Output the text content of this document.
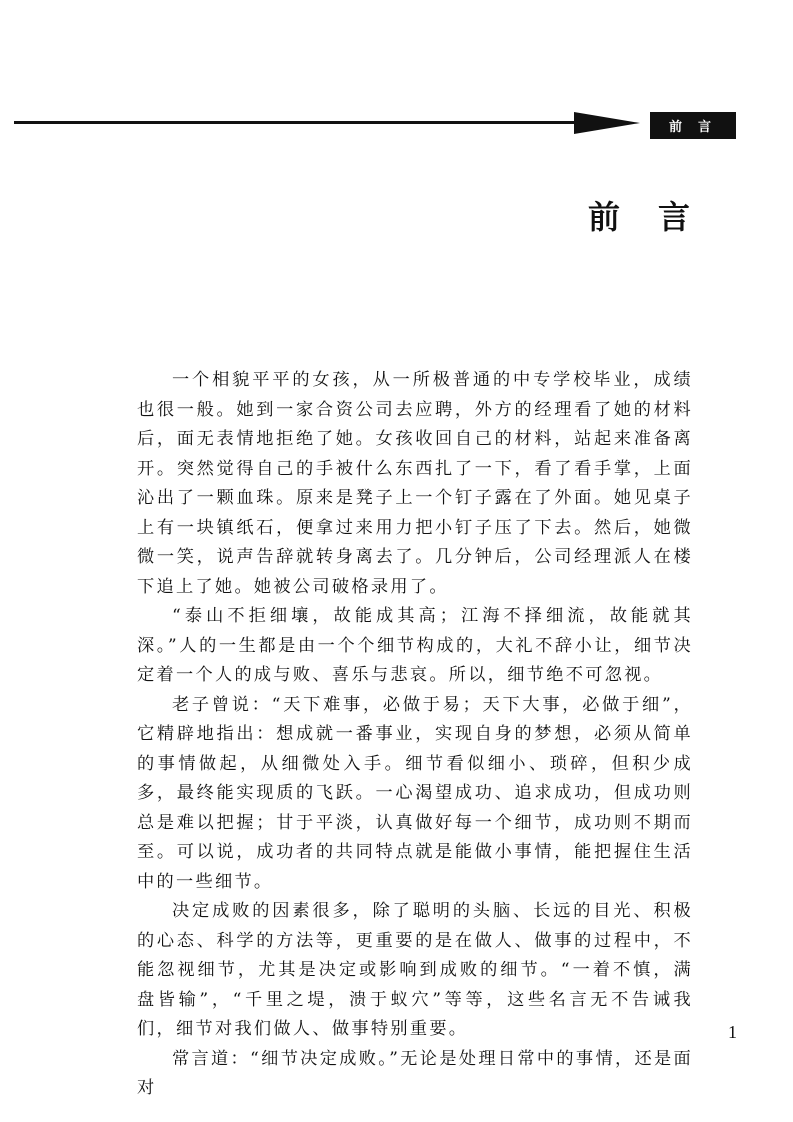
前言
前言

一个相貌平平的女孩，从一所极普通的中专学校毕业，成绩也很一般。她到一家合资公司去应聘，外方的经理看了她的材料后，面无表情地拒绝了她。女孩收回自己的材料，站起来准备离开。突然觉得自己的手被什么东西扎了一下，看了看手掌，上面沁出了一颗血珠。原来是凳子上一个钉子露在了外面。她见桌子上有一块镇纸石，便拿过来用力把小钉子压了下去。然后，她微微一笑，说声告辞就转身离去了。几分钟后，公司经理派人在楼下追上了她。她被公司破格录用了。

“泰山不拒细壤，故能成其高；江海不择细流，故能就其深。”人的一生都是由一个个细节构成的，大礼不辞小让，细节决定着一个人的成与败、喜乐与悲哀。所以，细节绝不可忽视。

老子曾说：“天下难事，必做于易；天下大事，必做于细”，它精辟地指出：想成就一番事业，实现自身的梦想，必须从简单的事情做起，从细微处入手。细节看似细小、琐碎，但积少成多，最终能实现质的飞跃。一心渴望成功、追求成功，但成功则总是难以把握；甘于平淡，认真做好每一个细节，成功则不期而至。可以说，成功者的共同特点就是能做小事情，能把握住生活中的一些细节。

决定成败的因素很多，除了聪明的头脑、长远的目光、积极的心态、科学的方法等，更重要的是在做人、做事的过程中，不能忽视细节，尤其是决定或影响到成败的细节。“一着不慎，满盘皆输”，“千里之堤，溃于蚁穴”等等，这些名言无不告诫我们，细节对我们做人、做事特别重要。

常言道：“细节决定成败。”无论是处理日常中的事情，还是面对

1
